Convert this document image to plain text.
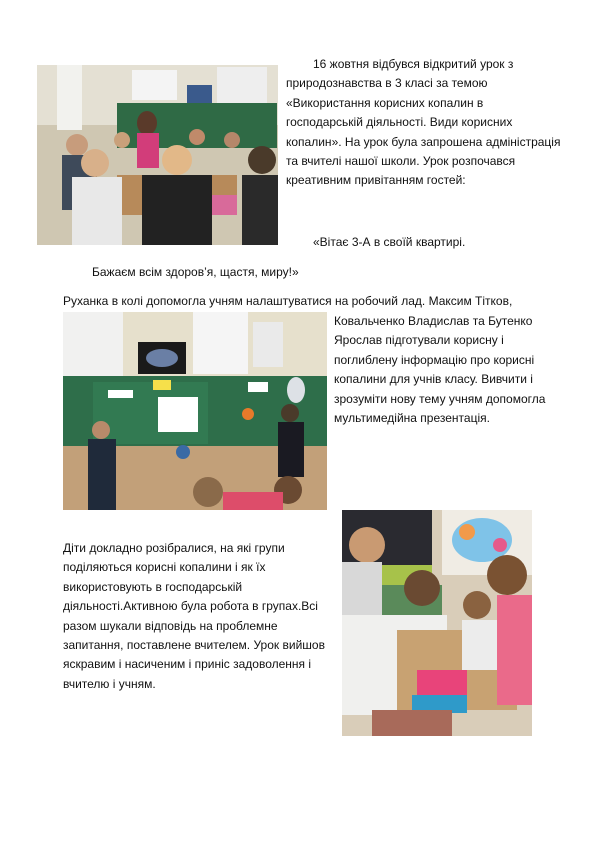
16 жовтня відбувся відкритий урок з природознавства в 3 класі за темою «Використання корисних копалин в господарській діяльності. Види корисних копалин». На урок була запрошена адміністрація та вчителі нашої школи. Урок розпочався креативним привітанням гостей:
«Вітає 3-А в своїй квартирі.
Бажаєм всім здоров’я, щастя, миру!»
Руханка в колі допомогла учням налаштуватися на робочий лад. Максим Тітков,
Ковальченко Владислав та Бутенко Ярослав підготували корисну і поглиблену інформацію про корисні копалини для учнів класу. Вивчити і зрозуміти нову тему учням допомогла мультимедійна презентація.
Діти докладно розібралися, на які групи поділяються корисні копалини і як їх використовують в господарській діяльності.Активною була робота в групах.Всі разом шукали відповідь на проблемне запитання, поставлене вчителем. Урок вийшов яскравим і насиченим і приніс задоволення і вчителю і учням.
